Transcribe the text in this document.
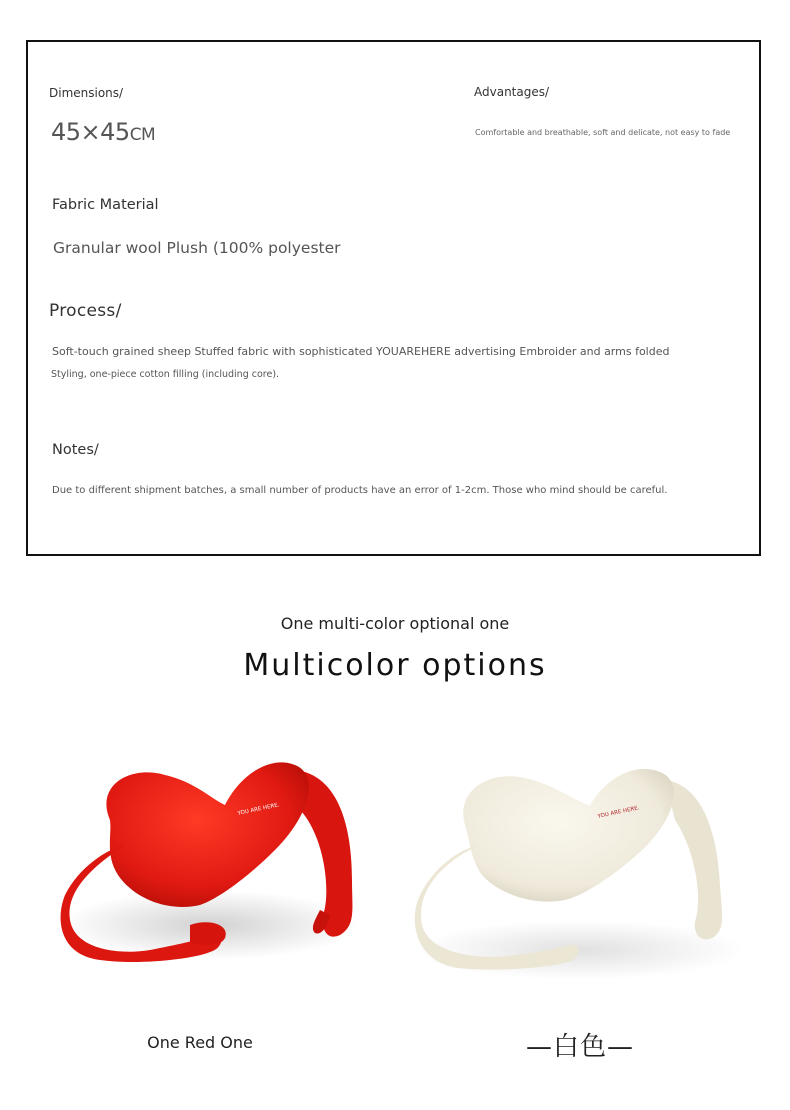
Dimensions/
45×45CM
Advantages/
Comfortable and breathable, soft and delicate, not easy to fade
Fabric Material
Granular wool Plush (100% polyester
Process/
Soft-touch grained sheep Stuffed fabric with sophisticated YOUAREHERE advertising Embroider and arms folded
Styling, one-piece cotton filling (including core).
Notes/
Due to different shipment batches, a small number of products have an error of 1-2cm. Those who mind should be careful.
One multi-color optional one
Multicolor options
YOU ARE HERE.
One Red One
YOU ARE HERE.
—白色—
